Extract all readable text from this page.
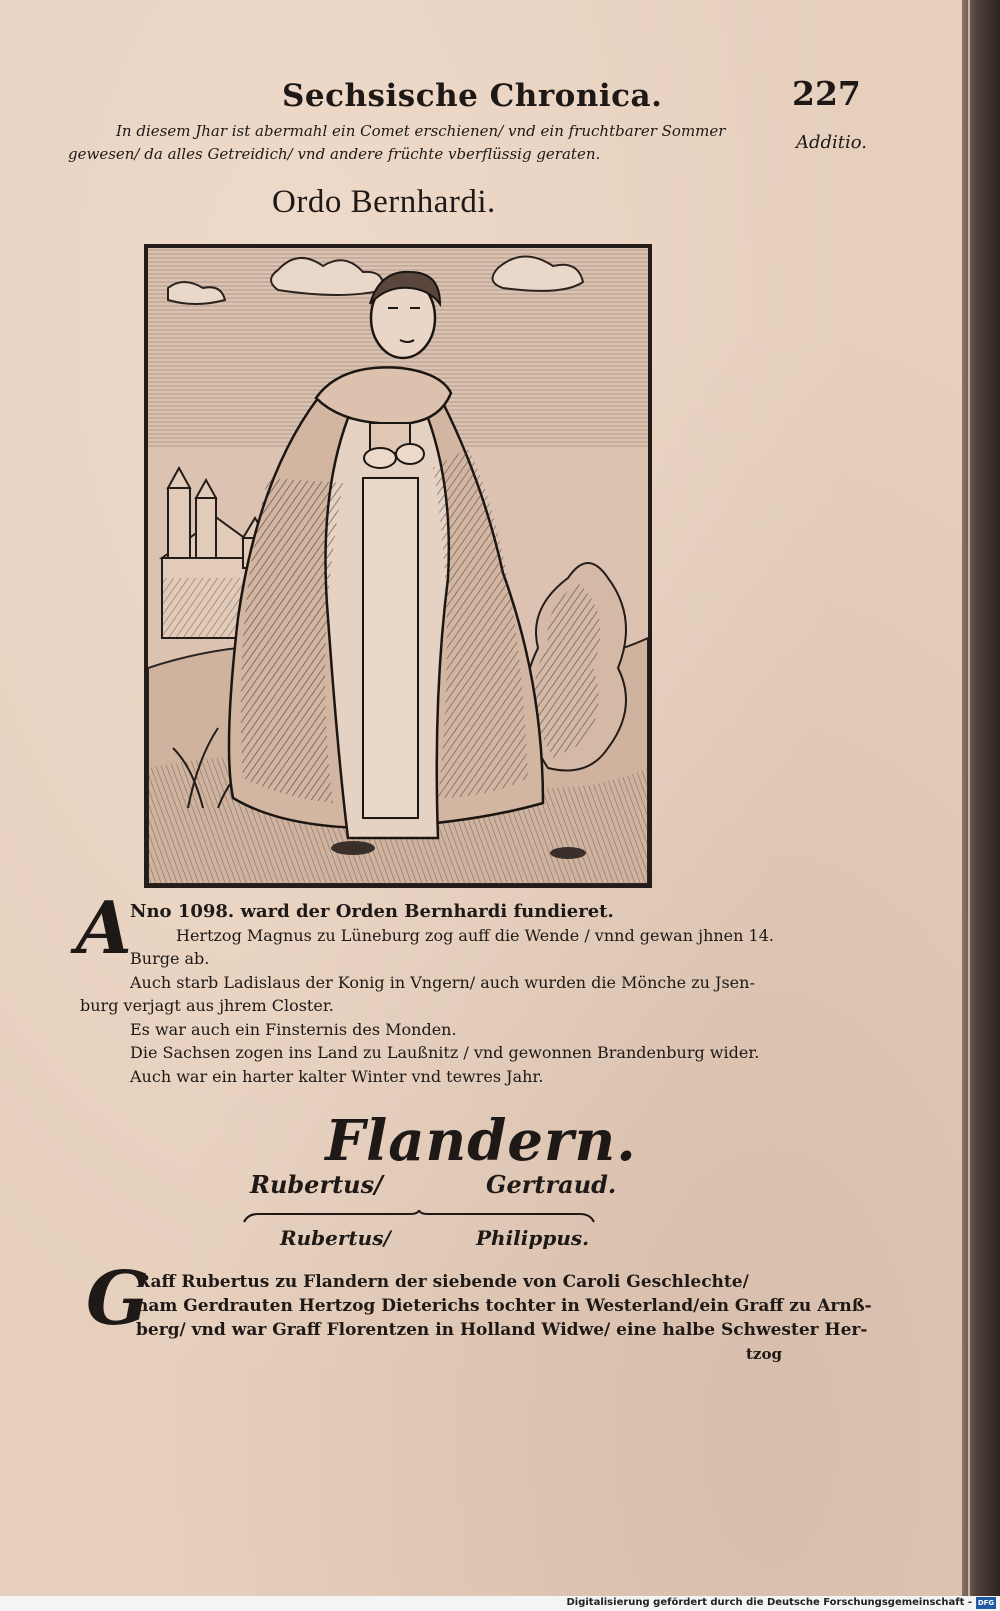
Sechsische Chronica.	227
Additio.
In diesem Jhar ist abermahl ein Comet erschienen/ vnd ein fruchtbarer Sommer
gewesen/ da alles Getreidich/ vnd andere früchte vberflüssig geraten.
Ordo Bernhardi.
A
Nno 1098. ward der Orden Bernhardi fundieret.
Hertzog Magnus zu Lüneburg zog auff die Wende / vnnd gewan jhnen 14.
Burge ab.
Auch starb Ladislaus der Konig in Vngern/ auch wurden die Mönche zu Jsen-
burg verjagt aus jhrem Closter.
Es war auch ein Finsternis des Monden.
Die Sachsen zogen ins Land zu Laußnitz / vnd gewonnen Brandenburg wider.
Auch war ein harter kalter Winter vnd tewres Jahr.
Flandern.
Rubertus/	Gertraud.
Rubertus/	Philippus.
G
Raff Rubertus zu Flandern der siebende von Caroli Geschlechte/
nam Gerdrauten Hertzog Dieterichs tochter in Westerland/ein Graff zu Arnß-
berg/ vnd war Graff Florentzen in Holland Widwe/ eine halbe Schwester Her-
tzog
Digitalisierung gefördert durch die Deutsche Forschungsgemeinschaft - DFG
